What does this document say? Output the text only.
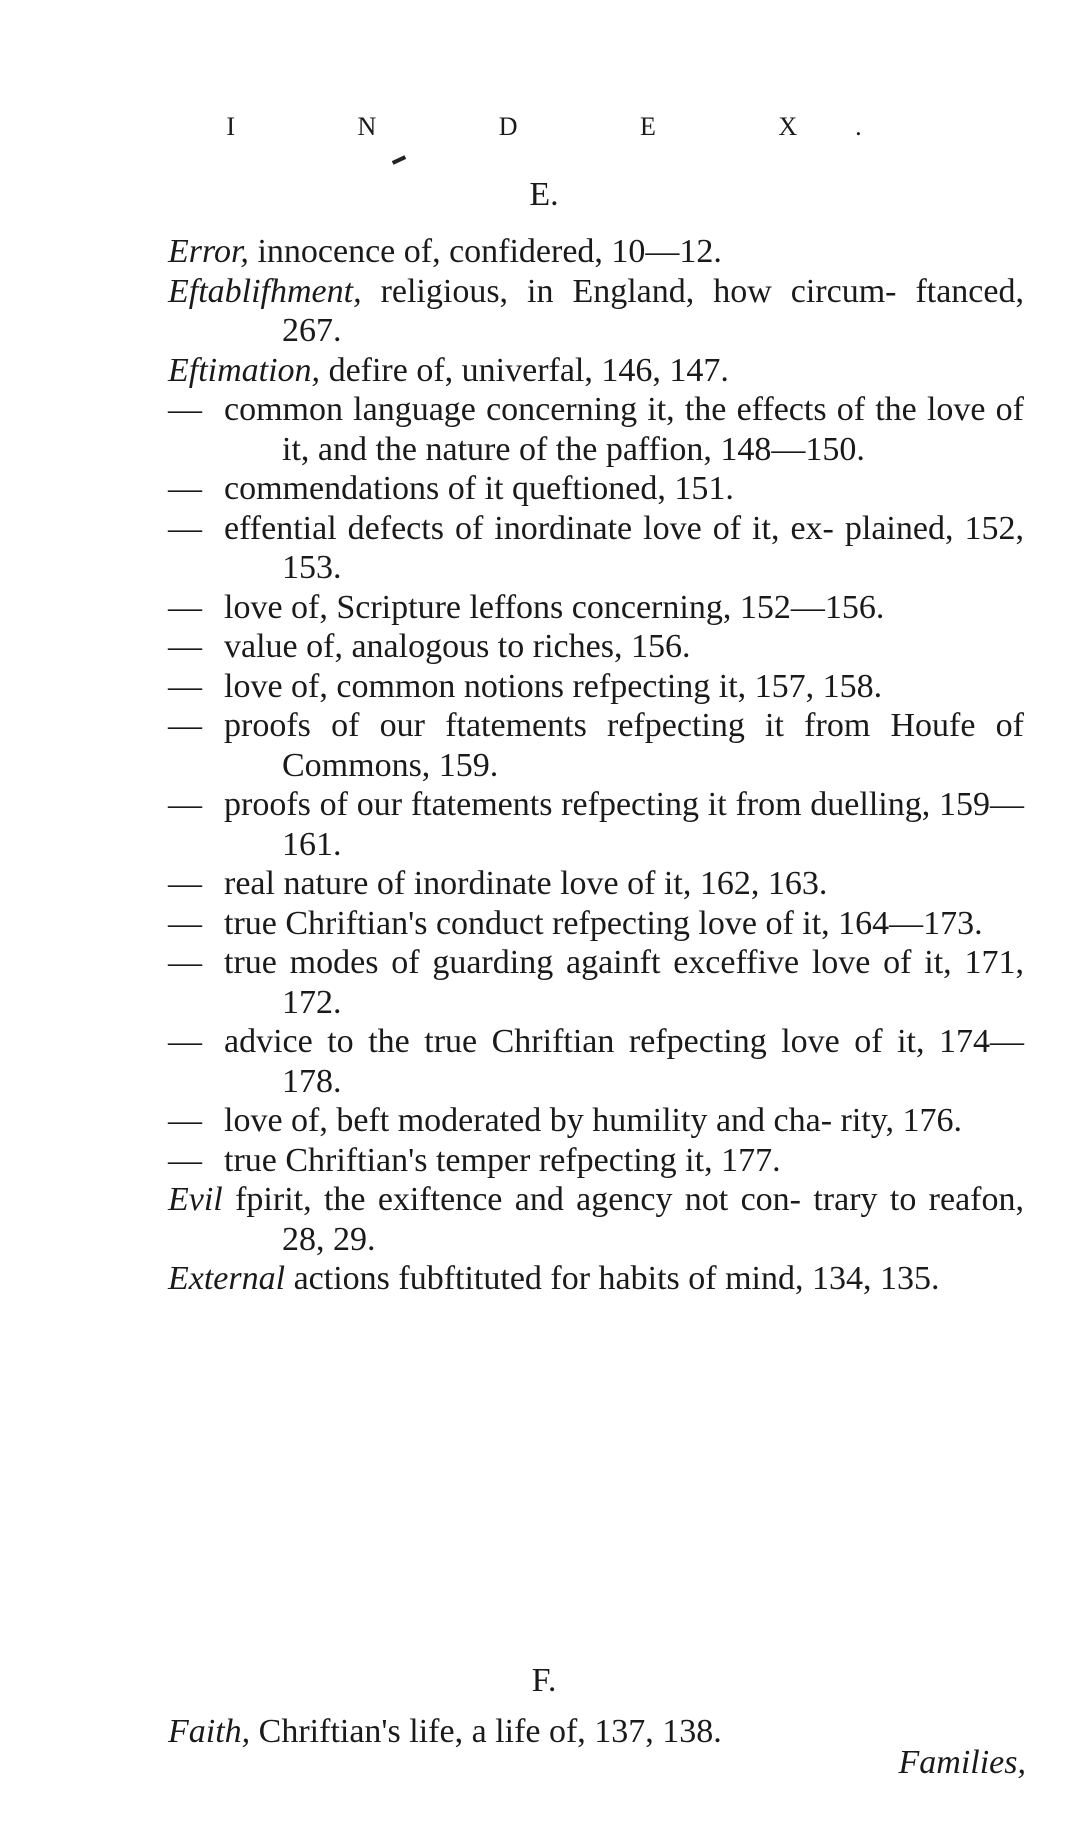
I N D E X.
E.
Error, innocence of, confidered, 10—12.
Eftablifhment, religious, in England, how circum- ftanced, 267.
Eftimation, defire of, univerfal, 146, 147.
— common language concerning it, the effects of the love of it, and the nature of the paffion, 148—150.
— commendations of it queftioned, 151.
— effential defects of inordinate love of it, ex- plained, 152, 153.
— love of, Scripture leffons concerning, 152—156.
— value of, analogous to riches, 156.
— love of, common notions refpecting it, 157, 158.
— proofs of our ftatements refpecting it from Houfe of Commons, 159.
— proofs of our ftatements refpecting it from duelling, 159—161.
— real nature of inordinate love of it, 162, 163.
— true Chriftian's conduct refpecting love of it, 164—173.
— true modes of guarding againft exceffive love of it, 171, 172.
— advice to the true Chriftian refpecting love of it, 174—178.
— love of, beft moderated by humility and cha- rity, 176.
— true Chriftian's temper refpecting it, 177.
Evil fpirit, the exiftence and agency not con- trary to reafon, 28, 29.
External actions fubftituted for habits of mind, 134, 135.
F.
Faith, Chriftian's life, a life of, 137, 138.
Families,
